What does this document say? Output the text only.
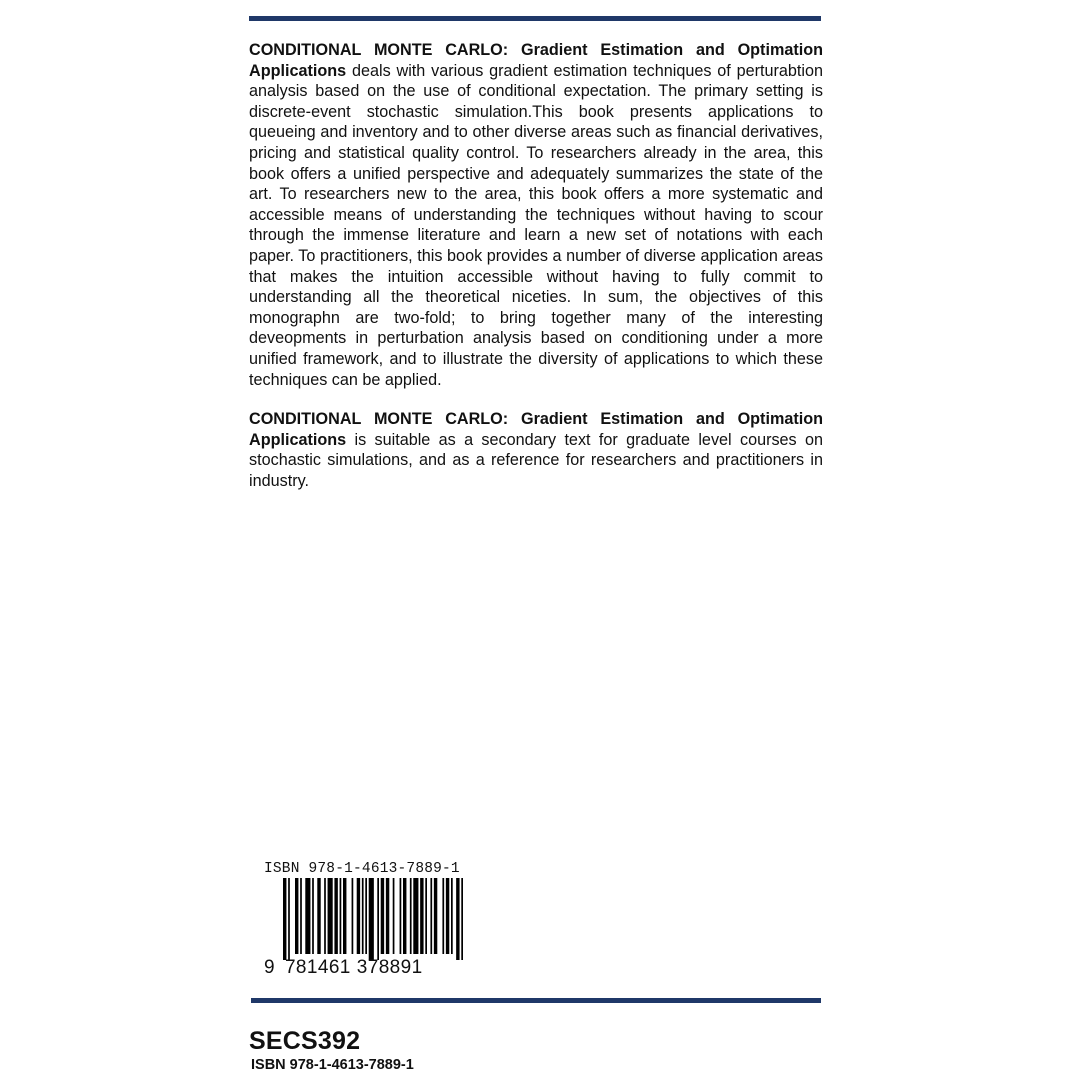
CONDITIONAL MONTE CARLO: Gradient Estimation and Optimation Applications deals with various gradient estimation techniques of perturabtion analysis based on the use of conditional expectation. The primary setting is discrete-event stochastic simulation.This book presents applications to queueing and inventory and to other diverse areas such as financial derivatives, pricing and statistical quality control. To researchers already in the area, this book offers a unified perspective and adequately summarizes the state of the art. To researchers new to the area, this book offers a more systematic and accessible means of understanding the techniques without having to scour through the immense literature and learn a new set of notations with each paper. To practitioners, this book provides a number of diverse application areas that makes the intuition accessible without having to fully commit to understanding all the theoretical niceties. In sum, the objectives of this monographn are two-fold; to bring together many of the interesting deveopments in perturbation analysis based on conditioning under a more unified framework, and to illustrate the diversity of applications to which these techniques can be applied.
CONDITIONAL MONTE CARLO: Gradient Estimation and Optimation Applications is suitable as a secondary text for graduate level courses on stochastic simulations, and as a reference for researchers and practitioners in industry.
ISBN 978-1-4613-7889-1
9 781461 378891
SECS392
ISBN 978-1-4613-7889-1
